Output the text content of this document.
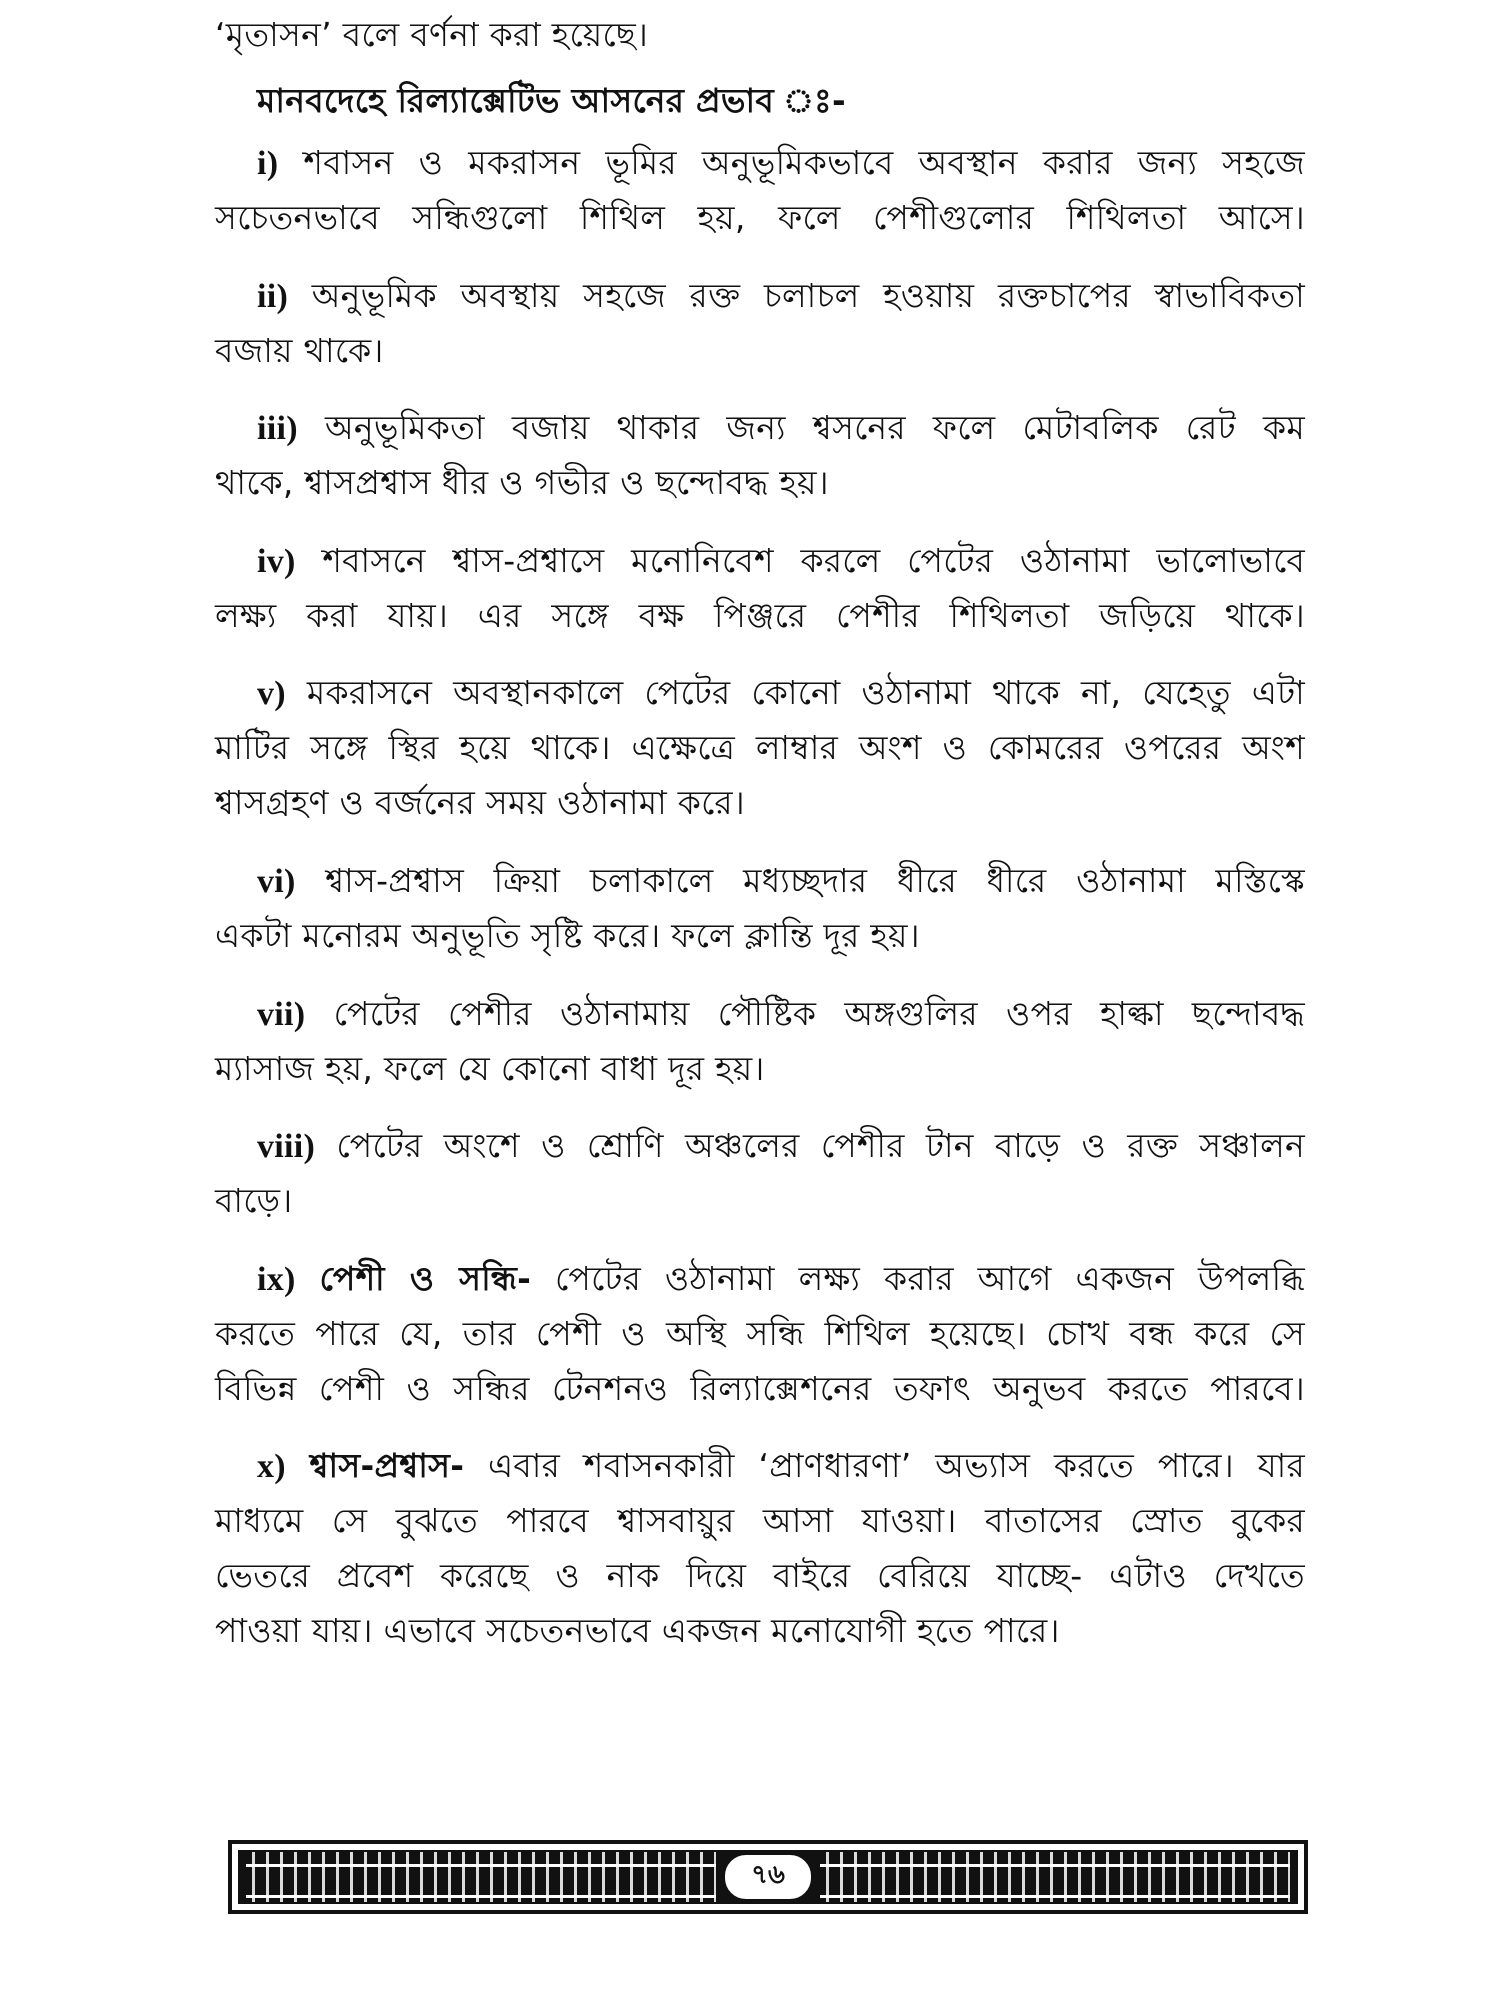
‘মৃতাসন’ বলে বর্ণনা করা হয়েছে।
মানবদেহে রিল্যাক্সেটিভ আসনের প্রভাব ঃ-
i) শবাসন ও মকরাসন ভূমির অনুভূমিকভাবে অবস্থান করার জন্য সহজে
সচেতনভাবে সন্ধিগুলো শিথিল হয়, ফলে পেশীগুলোর শিথিলতা আসে।
ii) অনুভূমিক অবস্থায় সহজে রক্ত চলাচল হওয়ায় রক্তচাপের স্বাভাবিকতা
বজায় থাকে।
iii) অনুভূমিকতা বজায় থাকার জন্য শ্বসনের ফলে মেটাবলিক রেট কম
থাকে, শ্বাসপ্রশ্বাস ধীর ও গভীর ও ছন্দোবদ্ধ হয়।
iv) শবাসনে শ্বাস-প্রশ্বাসে মনোনিবেশ করলে পেটের ওঠানামা ভালোভাবে
লক্ষ্য করা যায়। এর সঙ্গে বক্ষ পিঞ্জরে পেশীর শিথিলতা জড়িয়ে থাকে।
v) মকরাসনে অবস্থানকালে পেটের কোনো ওঠানামা থাকে না, যেহেতু এটা
মাটির সঙ্গে স্থির হয়ে থাকে। এক্ষেত্রে লাম্বার অংশ ও কোমরের ওপরের অংশ
শ্বাসগ্রহণ ও বর্জনের সময় ওঠানামা করে।
vi) শ্বাস-প্রশ্বাস ক্রিয়া চলাকালে মধ্যচ্ছদার ধীরে ধীরে ওঠানামা মস্তিস্কে
একটা মনোরম অনুভূতি সৃষ্টি করে। ফলে ক্লান্তি দূর হয়।
vii) পেটের পেশীর ওঠানামায় পৌষ্টিক অঙ্গগুলির ওপর হাল্কা ছন্দোবদ্ধ
ম্যাসাজ হয়, ফলে যে কোনো বাধা দূর হয়।
viii) পেটের অংশে ও শ্রোণি অঞ্চলের পেশীর টান বাড়ে ও রক্ত সঞ্চালন
বাড়ে।
ix) পেশী ও সন্ধি- পেটের ওঠানামা লক্ষ্য করার আগে একজন উপলব্ধি
করতে পারে যে, তার পেশী ও অস্থি সন্ধি শিথিল হয়েছে। চোখ বন্ধ করে সে
বিভিন্ন পেশী ও সন্ধির টেনশনও রিল্যাক্সেশনের তফাৎ অনুভব করতে পারবে।
x) শ্বাস-প্রশ্বাস- এবার শবাসনকারী ‘প্রাণধারণা’ অভ্যাস করতে পারে। যার
মাধ্যমে সে বুঝতে পারবে শ্বাসবায়ুর আসা যাওয়া। বাতাসের স্রোত বুকের
ভেতরে প্রবেশ করেছে ও নাক দিয়ে বাইরে বেরিয়ে যাচ্ছে- এটাও দেখতে
পাওয়া যায়। এভাবে সচেতনভাবে একজন মনোযোগী হতে পারে।
৭৬
